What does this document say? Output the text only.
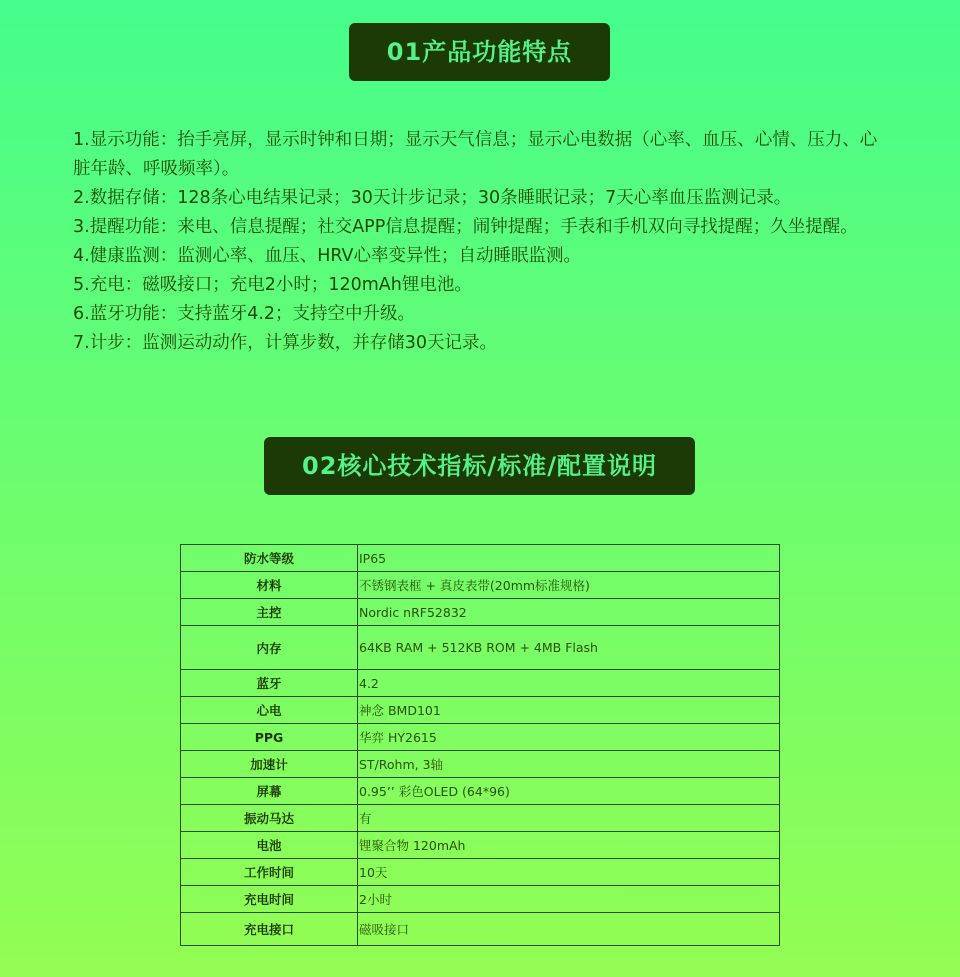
01产品功能特点

1.显示功能：抬手亮屏，显示时钟和日期；显示天气信息；显示心电数据（心率、血压、心情、压力、心脏年龄、呼吸频率）。

2.数据存储：128条心电结果记录；30天计步记录；30条睡眠记录；7天心率血压监测记录。

3.提醒功能：来电、信息提醒；社交APP信息提醒；闹钟提醒；手表和手机双向寻找提醒；久坐提醒。

4.健康监测：监测心率、血压、HRV心率变异性；自动睡眠监测。

5.充电：磁吸接口；充电2小时；120mAh锂电池。

6.蓝牙功能：支持蓝牙4.2；支持空中升级。

7.计步：监测运动动作，计算步数，并存储30天记录。

02核心技术指标/标准/配置说明
防水等级	IP65
材料	不锈钢表框 + 真皮表带(20mm标准规格)
主控	Nordic nRF52832
内存	64KB RAM + 512KB ROM + 4MB Flash
蓝牙	4.2
心电	神念 BMD101
PPG	华弈 HY2615
加速计	ST/Rohm, 3轴
屏幕	0.95’’ 彩色OLED (64*96)
振动马达	有
电池	锂聚合物 120mAh
工作时间	10天
充电时间	2小时
充电接口	磁吸接口
